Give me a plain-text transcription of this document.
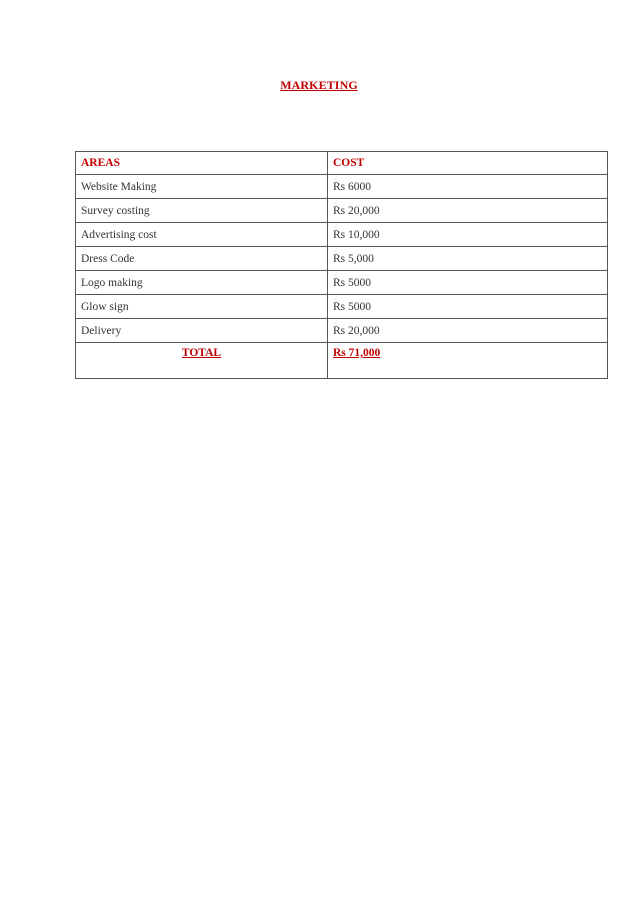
MARKETING
AREAS	COST
Website Making	Rs 6000
Survey costing	Rs 20,000
Advertising cost	Rs 10,000
Dress Code	Rs 5,000
Logo making	Rs 5000
Glow sign	Rs 5000
Delivery	Rs 20,000
TOTAL	Rs 71,000
